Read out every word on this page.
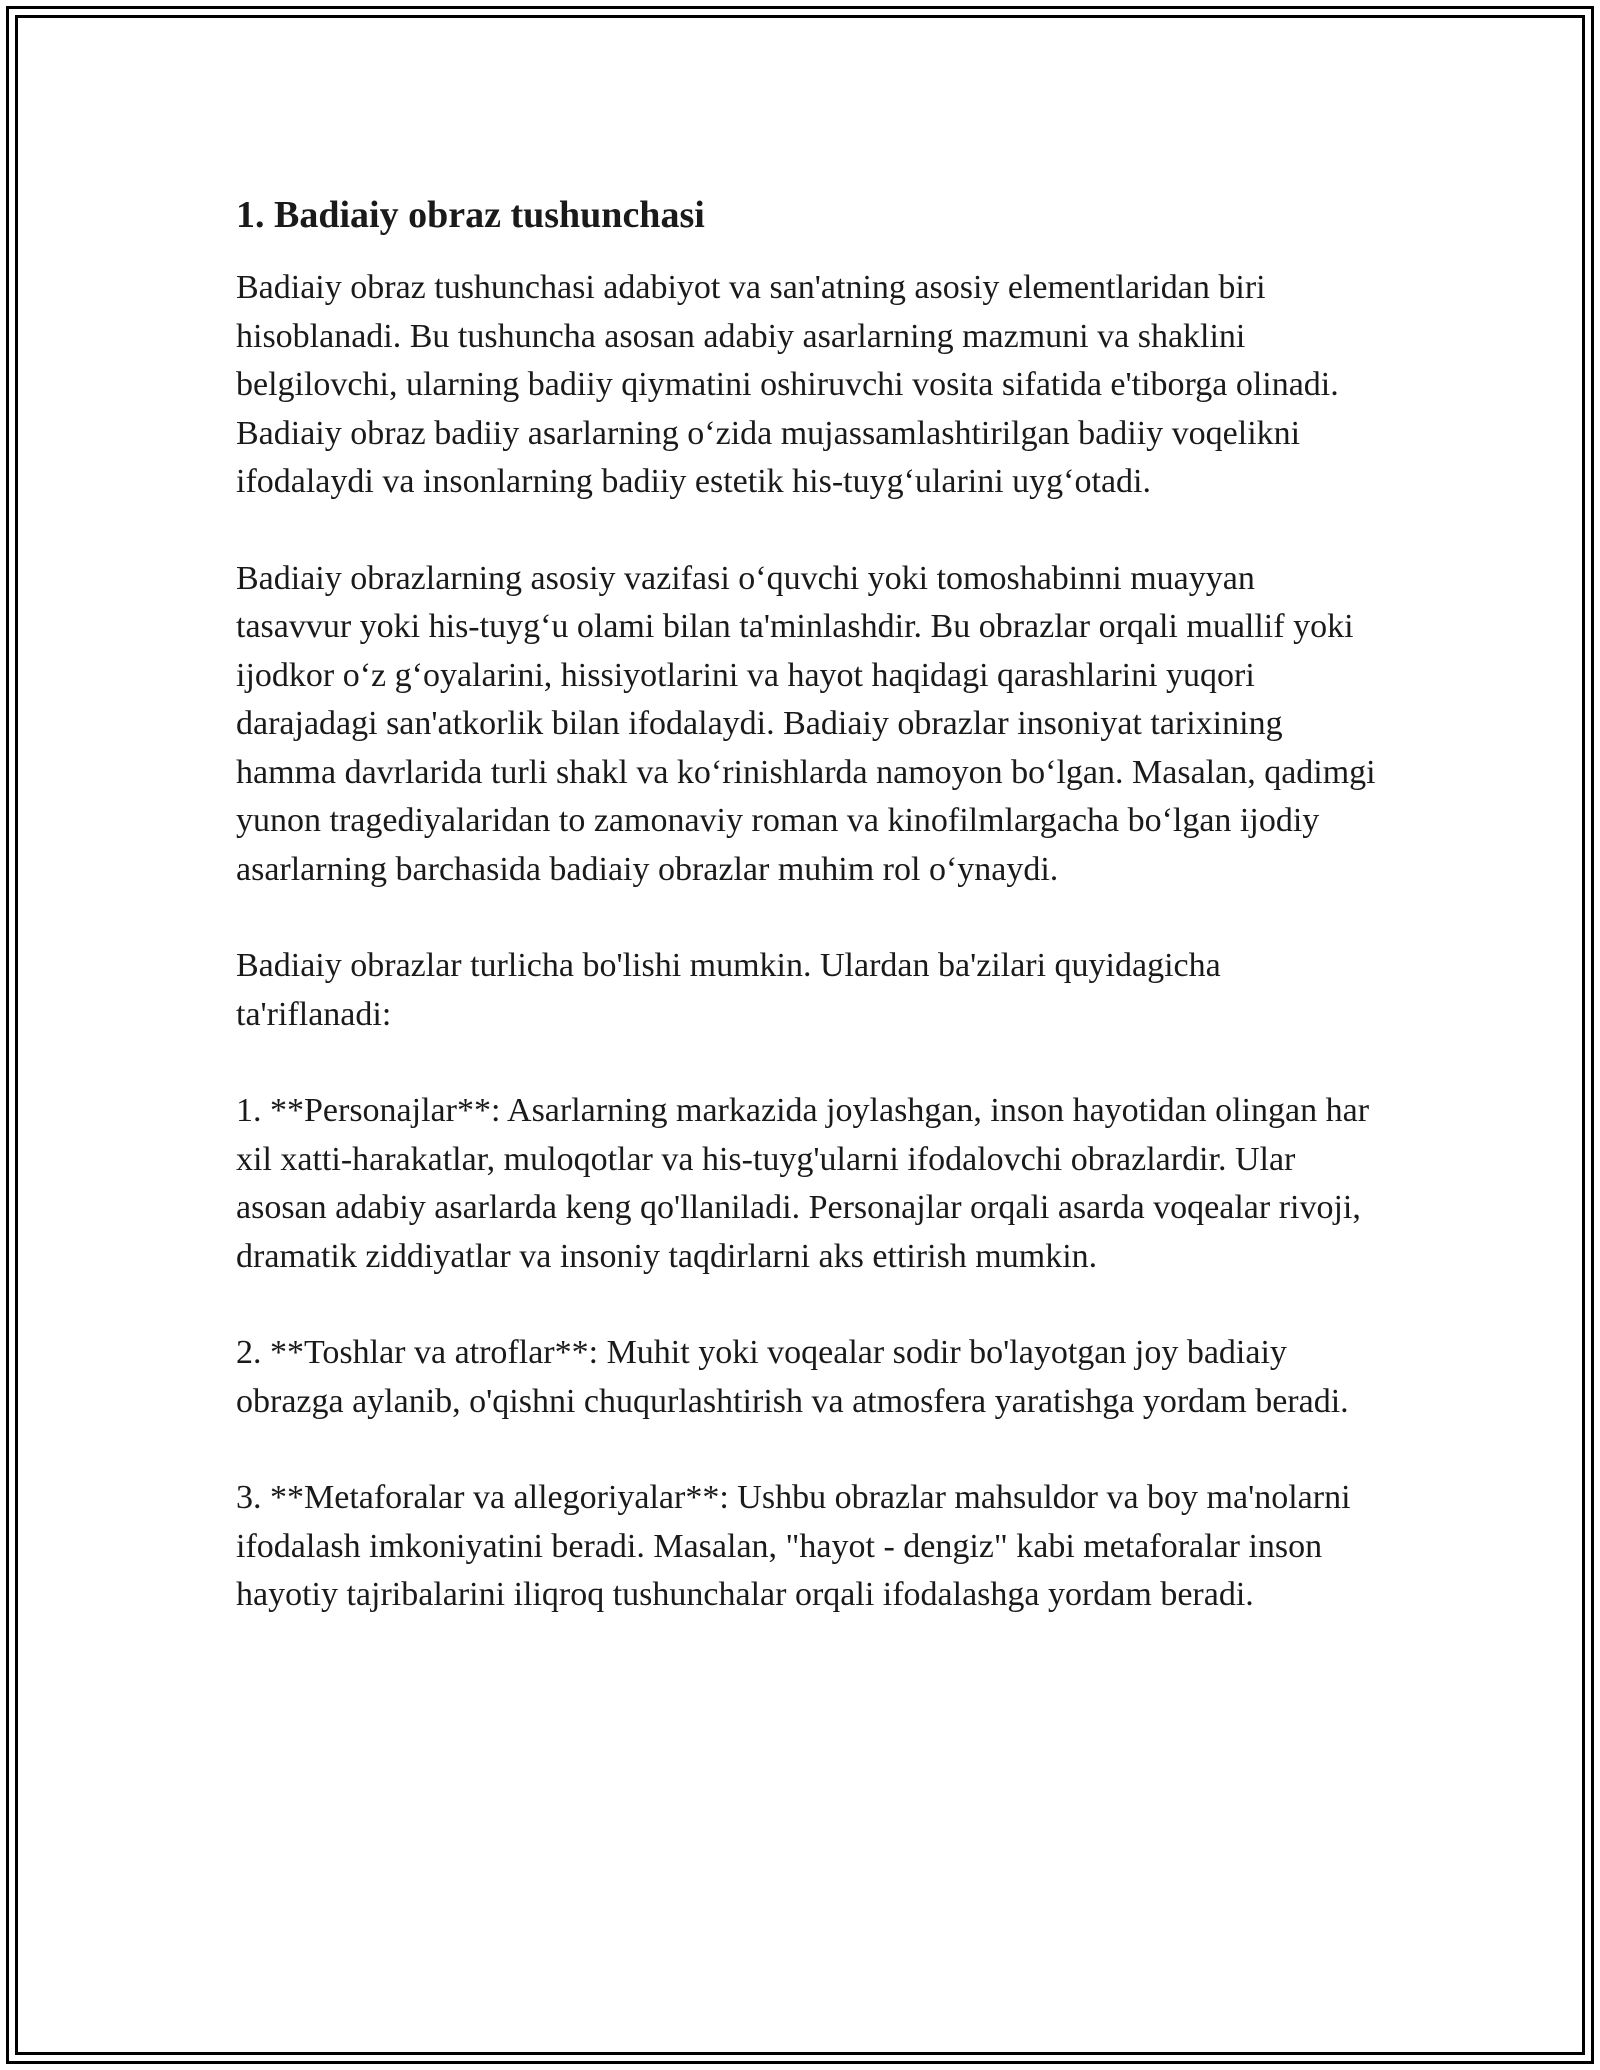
1. Badiaiy obraz tushunchasi

Badiaiy obraz tushunchasi adabiyot va san'atning asosiy elementlaridan biri hisoblanadi. Bu tushuncha asosan adabiy asarlarning mazmuni va shaklini belgilovchi, ularning badiiy qiymatini oshiruvchi vosita sifatida e'tiborga olinadi. Badiaiy obraz badiiy asarlarning oʻzida mujassamlashtirilgan badiiy voqelikni ifodalaydi va insonlarning badiiy estetik his-tuygʻularini uygʻotadi.

Badiaiy obrazlarning asosiy vazifasi oʻquvchi yoki tomoshabinni muayyan tasavvur yoki his-tuygʻu olami bilan ta'minlashdir. Bu obrazlar orqali muallif yoki ijodkor oʻz gʻoyalarini, hissiyotlarini va hayot haqidagi qarashlarini yuqori darajadagi san'atkorlik bilan ifodalaydi. Badiaiy obrazlar insoniyat tarixining hamma davrlarida turli shakl va koʻrinishlarda namoyon boʻlgan. Masalan, qadimgi yunon tragediyalaridan to zamonaviy roman va kinofilmlargacha boʻlgan ijodiy asarlarning barchasida badiaiy obrazlar muhim rol oʻynaydi.

Badiaiy obrazlar turlicha bo'lishi mumkin. Ulardan ba'zilari quyidagicha ta'riflanadi:

1. **Personajlar**: Asarlarning markazida joylashgan, inson hayotidan olingan har xil xatti-harakatlar, muloqotlar va his-tuyg'ularni ifodalovchi obrazlardir. Ular asosan adabiy asarlarda keng qo'llaniladi. Personajlar orqali asarda voqealar rivoji, dramatik ziddiyatlar va insoniy taqdirlarni aks ettirish mumkin.

2. **Toshlar va atroflar**: Muhit yoki voqealar sodir bo'layotgan joy badiaiy obrazga aylanib, o'qishni chuqurlashtirish va atmosfera yaratishga yordam beradi.

3. **Metaforalar va allegoriyalar**: Ushbu obrazlar mahsuldor va boy ma'nolarni ifodalash imkoniyatini beradi. Masalan, "hayot - dengiz" kabi metaforalar inson hayotiy tajribalarini iliqroq tushunchalar orqali ifodalashga yordam beradi.
